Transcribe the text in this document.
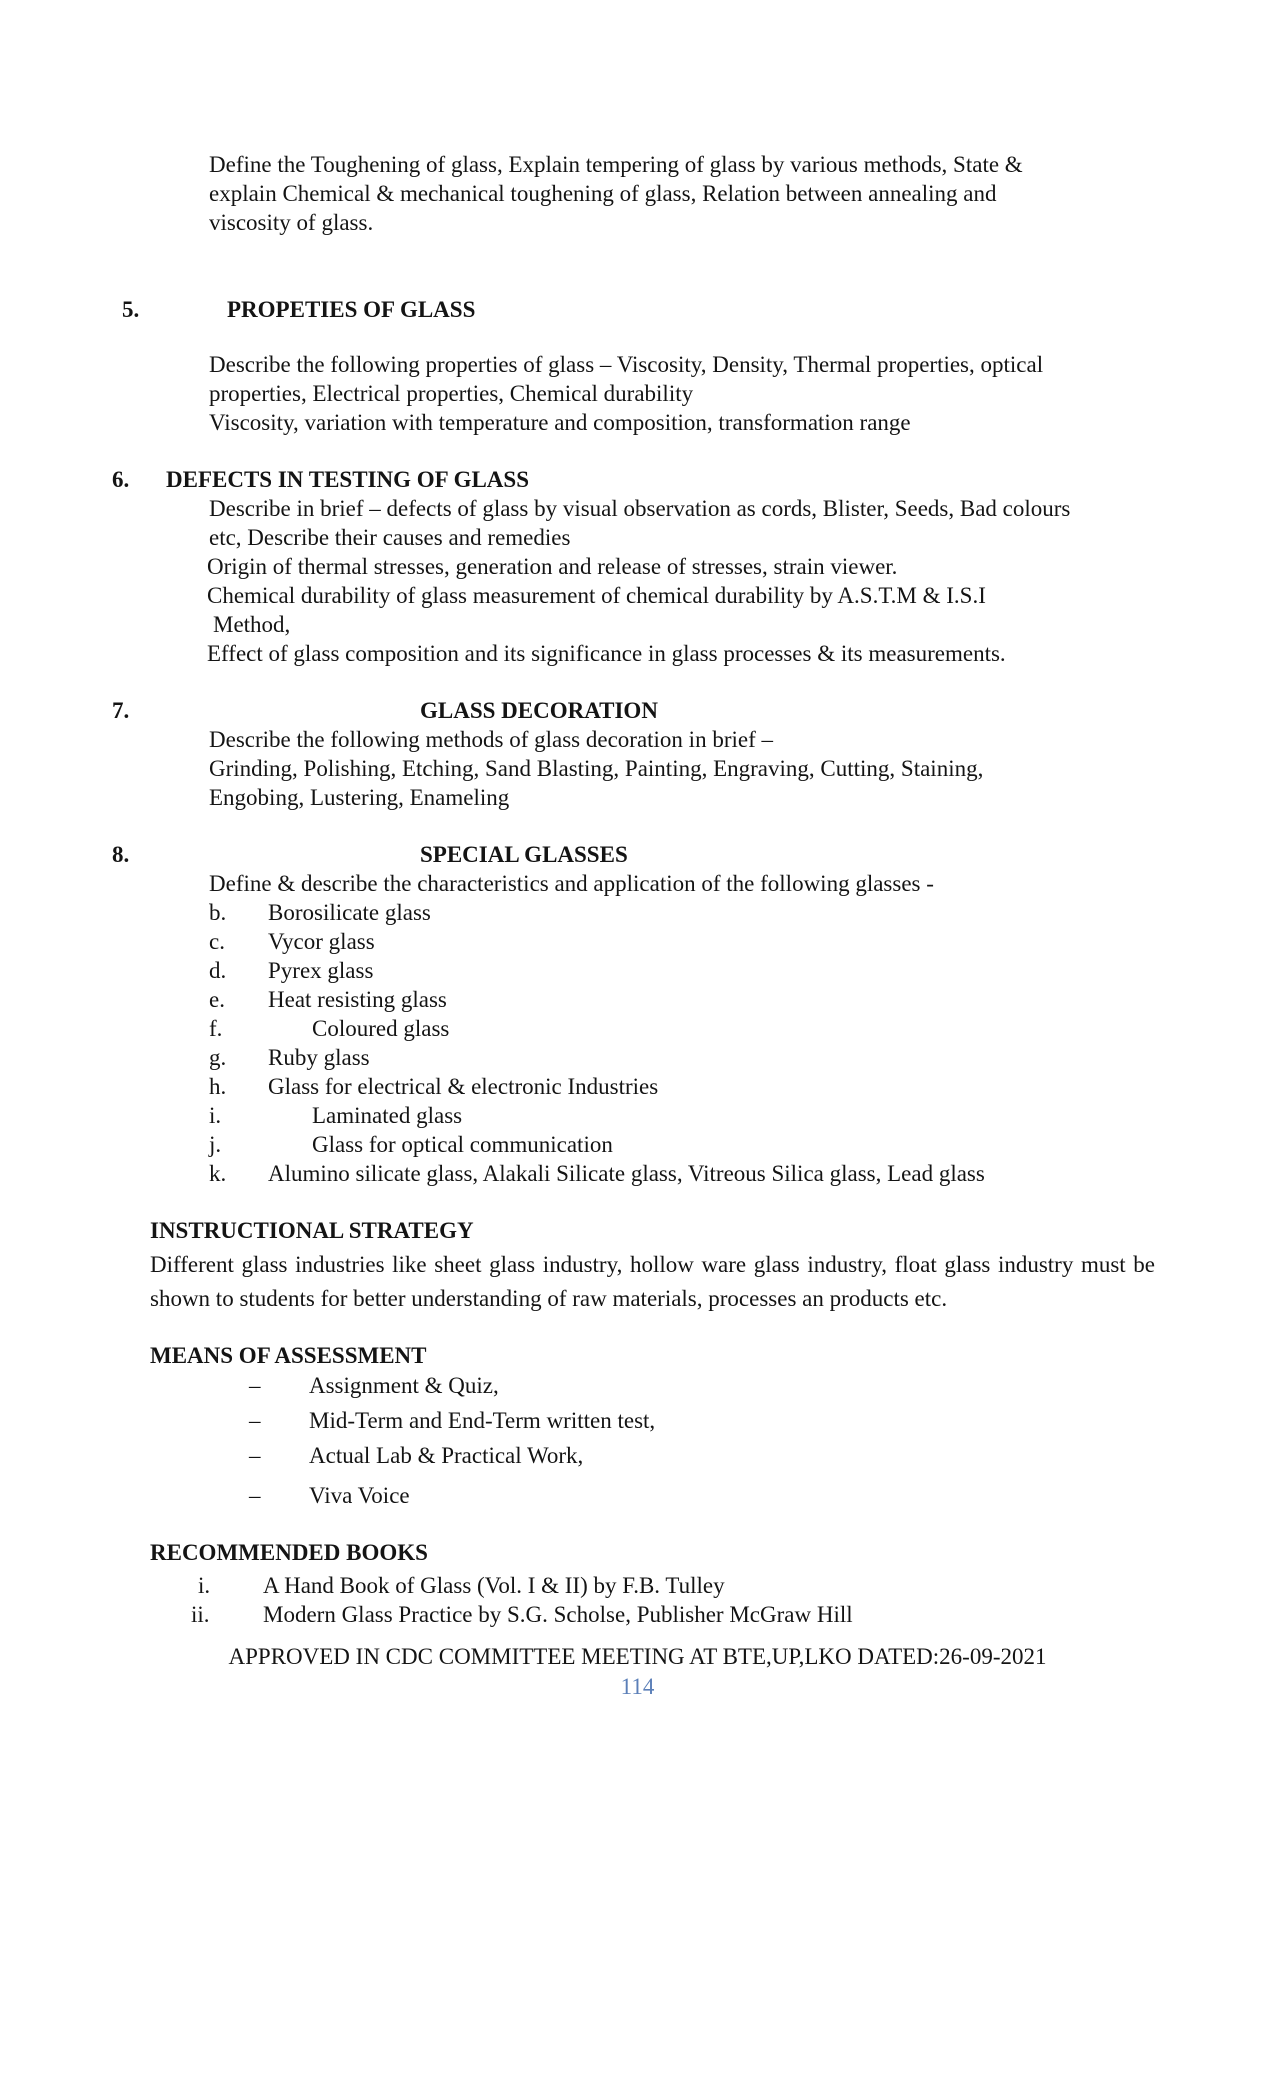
Define the Toughening of glass, Explain tempering of glass by various methods, State &
explain Chemical & mechanical toughening of glass, Relation between annealing and
viscosity of glass.
5.	PROPETIES OF GLASS
Describe the following properties of glass – Viscosity, Density, Thermal properties, optical
properties, Electrical properties, Chemical durability
Viscosity, variation with temperature and composition, transformation range
6. DEFECTS IN TESTING OF GLASS
Describe in brief – defects of glass by visual observation as cords, Blister, Seeds, Bad colours
etc, Describe their causes and remedies
Origin of thermal stresses, generation and release of stresses, strain viewer.
Chemical durability of glass measurement of chemical durability by A.S.T.M & I.S.I
Method,
Effect of glass composition and its significance in glass processes & its measurements.
7.	GLASS DECORATION
Describe the following methods of glass decoration in brief –
Grinding, Polishing, Etching, Sand Blasting, Painting, Engraving, Cutting, Staining,
Engobing, Lustering, Enameling
8.	SPECIAL GLASSES
Define & describe the characteristics and application of the following glasses -
b. Borosilicate glass
c. Vycor glass
d. Pyrex glass
e. Heat resisting glass
f.	Coloured glass
g. Ruby glass
h. Glass for electrical & electronic Industries
i.	Laminated glass
j.	Glass for optical communication
k. Alumino silicate glass, Alakali Silicate glass, Vitreous Silica glass, Lead glass
INSTRUCTIONAL STRATEGY
Different glass industries like sheet glass industry, hollow ware glass industry, float glass industry must be shown to students for better understanding of raw materials, processes an products etc.
MEANS OF ASSESSMENT
– Assignment & Quiz,
– Mid-Term and End-Term written test,
– Actual Lab & Practical Work,
– Viva Voice
RECOMMENDED BOOKS
i. A Hand Book of Glass (Vol. I & II) by F.B. Tulley
ii. Modern Glass Practice by S.G. Scholse, Publisher McGraw Hill
APPROVED IN CDC COMMITTEE MEETING AT BTE,UP,LKO DATED:26-09-2021
114
